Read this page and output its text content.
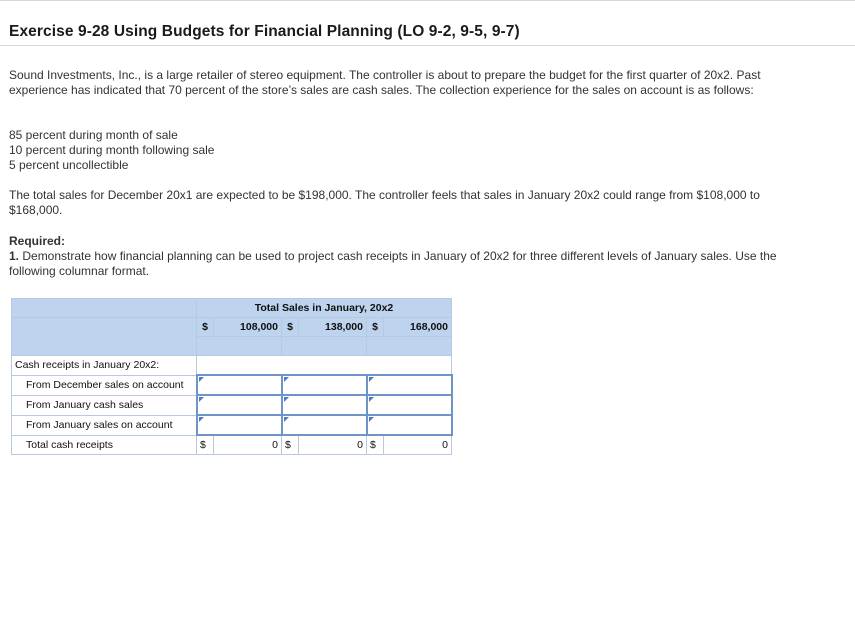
Exercise 9-28 Using Budgets for Financial Planning (LO 9-2, 9-5, 9-7)

Sound Investments, Inc., is a large retailer of stereo equipment. The controller is about to prepare the budget for the first quarter of 20x2. Past experience has indicated that 70 percent of the store’s sales are cash sales. The collection experience for the sales on account is as follows:

85 percent during month of sale
10 percent during month following sale
5 percent uncollectible

The total sales for December 20x1 are expected to be $198,000. The controller feels that sales in January 20x2 could range from $108,000 to $168,000.

Required:
1. Demonstrate how financial planning can be used to project cash receipts in January of 20x2 for three different levels of January sales. Use the following columnar format.
	Total Sales in January, 20x2					
	$	108,000	$	138,000	$	168,000

Cash receipts in January 20x2:						
From December sales on account						
From January cash sales						
From January sales on account						
Total cash receipts	$	0	$	0	$	0
